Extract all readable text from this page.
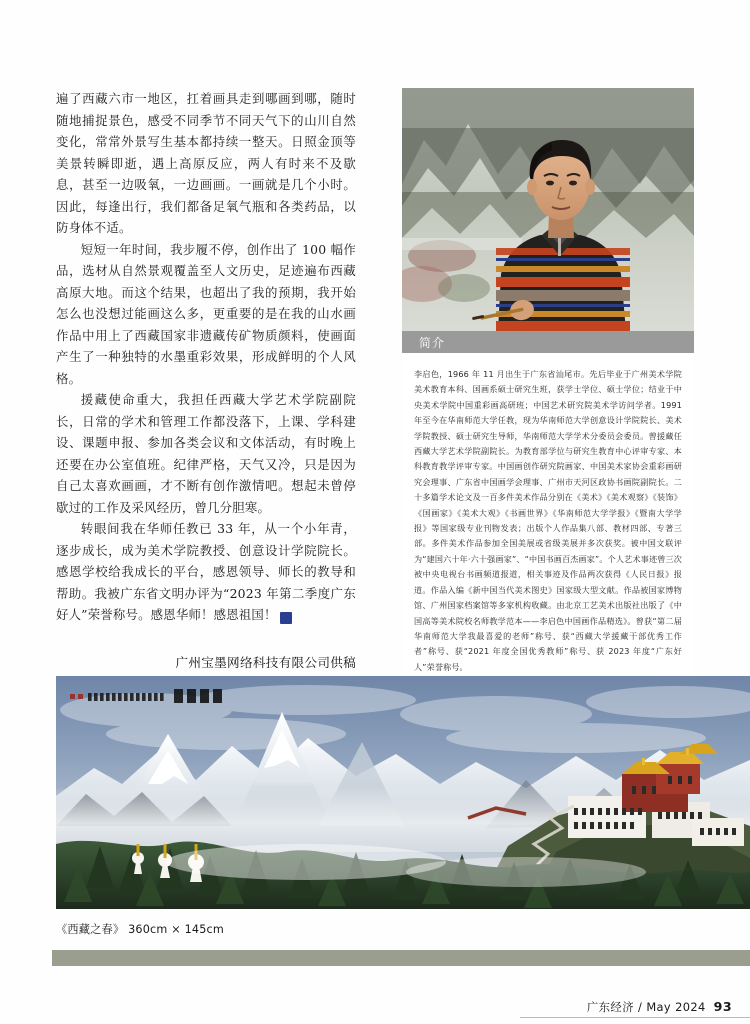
遍了西藏六市一地区，扛着画具走到哪画到哪，随时随地捕捉景色，感受不同季节不同天气下的山川自然变化，常常外景写生基本都持续一整天。日照金顶等美景转瞬即逝，遇上高原反应，两人有时来不及歇息，甚至一边吸氧，一边画画。一画就是几个小时。因此，每逢出行，我们都备足氧气瓶和各类药品，以防身体不适。

短短一年时间，我步履不停，创作出了 100 幅作品，选材从自然景观覆盖至人文历史，足迹遍布西藏高原大地。而这个结果，也超出了我的预期，我开始怎么也没想过能画这么多，更重要的是在我的山水画作品中用上了西藏国家非遗藏传矿物质颜料，使画面产生了一种独特的水墨重彩效果，形成鲜明的个人风格。

援藏使命重大，我担任西藏大学艺术学院副院长，日常的学术和管理工作都没落下，上课、学科建设、课题申报、参加各类会议和文体活动，有时晚上还要在办公室值班。纪律严格，天气又冷，只是因为自己太喜欢画画，才不断有创作激情吧。想起未曾停歇过的工作及采风经历，曾几分胆寒。

转眼间我在华师任教已 33 年，从一个小年青，逐步成长，成为美术学院教授、创意设计学院院长。感恩学校给我成长的平台，感恩领导、师长的教导和帮助。我被广东省文明办评为“2023 年第二季度广东好人”荣誉称号。感恩华师！感恩祖国！	G

广州宝墨网络科技有限公司供稿
简介

李启色，1966 年 11 月出生于广东省汕尾市。先后毕业于广州美术学院美术教育本科、国画系硕士研究生班，获学士学位、硕士学位；结业于中央美术学院中国重彩画高研班；中国艺术研究院美术学访问学者。1991 年至今在华南师范大学任教，现为华南师范大学创意设计学院院长、美术学院教授、硕士研究生导师，华南师范大学学术分委员会委员。曾援藏任西藏大学艺术学院副院长。为教育部学位与研究生教育中心评审专家、本科教育教学评审专家。中国画创作研究院画家、中国美术家协会重彩画研究会理事、广东省中国画学会理事、广州市天河区政协书画院副院长。二十多篇学术论文及一百多件美术作品分别在《美术》《美术观察》《装饰》《国画家》《美术大观》《书画世界》《华南师范大学学报》《暨南大学学报》等国家级专业刊物发表；出版个人作品集八部、教材四部、专著三部。多件美术作品参加全国美展或省级美展并多次获奖。被中国文联评为“建国六十年·六十强画家”、“中国书画百杰画家”。个人艺术事迹曾三次被中央电视台书画频道报道，相关事迹及作品两次获得《人民日报》报道。作品入编《新中国当代美术图史》国家级大型文献。作品被国家博物馆、广州国家档案馆等多家机构收藏。由北京工艺美术出版社出版了《中国高等美术院校名师教学范本——李启色中国画作品精选》。曾获“第二届华南师范大学我最喜爱的老师”称号、获“西藏大学援藏干部优秀工作者”称号、获“2021 年度全国优秀教师”称号、获 2023 年度“广东好人”荣誉称号。

《西藏之春》 360cm × 145cm
广东经济 / May 2024 93
